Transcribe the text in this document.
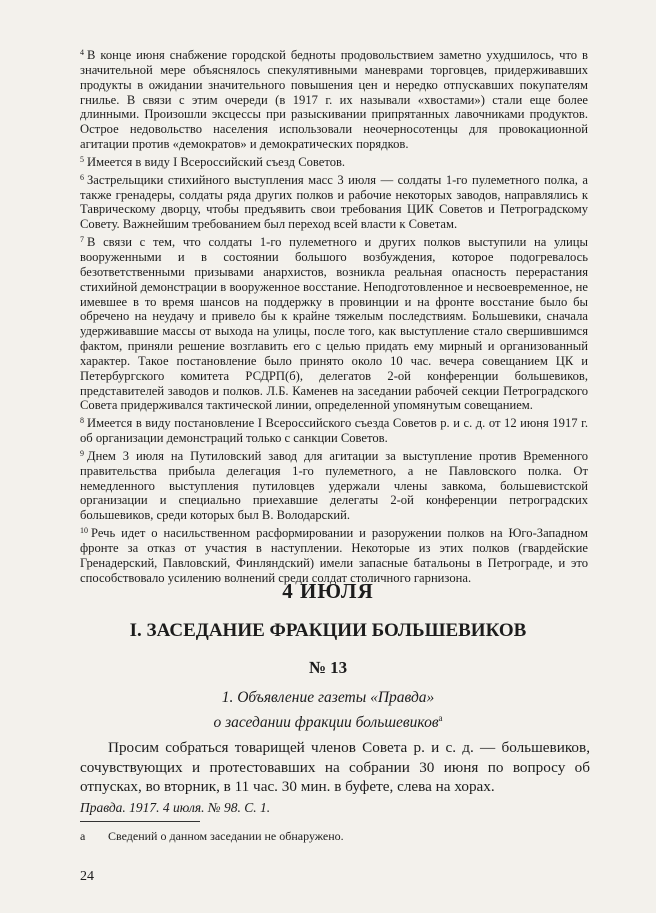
$^4$ В конце июня снабжение городской бедноты продовольствием заметно ухудшилось, что в значительной мере объяснялось спекулятивными маневрами торговцев, придерживавших продукты в ожидании значительного повышения цен и нередко отпускавших покупателям гнилье. В связи с этим очереди (в 1917 г. их называли «хвостами») стали еще более длинными. Произошли эксцессы при разыскивании припрятанных лавочниками продуктов. Острое недовольство населения использовали неочерносотенцы для провокационной агитации против «демократов» и демократических порядков.

$^5$ Имеется в виду I Всероссийский съезд Советов.

$^6$ Застрельщики стихийного выступления масс 3 июля — солдаты 1-го пулеметного полка, а также гренадеры, солдаты ряда других полков и рабочие некоторых заводов, направлялись к Таврическому дворцу, чтобы предъявить свои требования ЦИК Советов и Петроградскому Совету. Важнейшим требованием был переход всей власти к Советам.

$^7$ В связи с тем, что солдаты 1-го пулеметного и других полков выступили на улицы вооруженными и в состоянии большого возбуждения, которое подогревалось безответственными призывами анархистов, возникла реальная опасность перерастания стихийной демонстрации в вооруженное восстание. Неподготовленное и несвоевременное, не имевшее в то время шансов на поддержку в провинции и на фронте восстание было бы обречено на неудачу и привело бы к крайне тяжелым последствиям. Большевики, сначала удерживавшие массы от выхода на улицы, после того, как выступление стало свершившимся фактом, приняли решение возглавить его с целью придать ему мирный и организованный характер. Такое постановление было принято около 10 час. вечера совещанием ЦК и Петербургского комитета РСДРП(б), делегатов 2-ой конференции большевиков, представителей заводов и полков. Л.Б. Каменев на заседании рабочей секции Петроградского Совета придерживался тактической линии, определенной упомянутым совещанием.

$^8$ Имеется в виду постановление I Всероссийского съезда Советов р. и с. д. от 12 июня 1917 г. об организации демонстраций только с санкции Советов.

$^9$ Днем 3 июля на Путиловский завод для агитации за выступление против Временного правительства прибыла делегация 1-го пулеметного, а не Павловского полка. От немедленного выступления путиловцев удержали члены завкома, большевистской организации и специально приехавшие делегаты 2-ой конференции петроградских большевиков, среди которых был В. Володарский.

$^{10}$ Речь идет о насильственном расформировании и разоружении полков на Юго-Западном фронте за отказ от участия в наступлении. Некоторые из этих полков (гвардейские Гренадерский, Павловский, Финляндский) имели запасные батальоны в Петрограде, и это способствовало усилению волнений среди солдат столичного гарнизона.

4 ИЮЛЯ
I. ЗАСЕДАНИЕ ФРАКЦИИ БОЛЬШЕВИКОВ
№ 13
1. Объявление газеты «Правда»
о заседании фракции большевиков$^а$

Просим собраться товарищей членов Совета р. и с. д. — большевиков, сочувствующих и протестовавших на собрании 30 июня по вопросу об отпусках, во вторник, в 11 час. 30 мин. в буфете, слева на хорах.

Правда. 1917. 4 июля. № 98. С. 1.
а Сведений о данном заседании не обнаружено.
24
